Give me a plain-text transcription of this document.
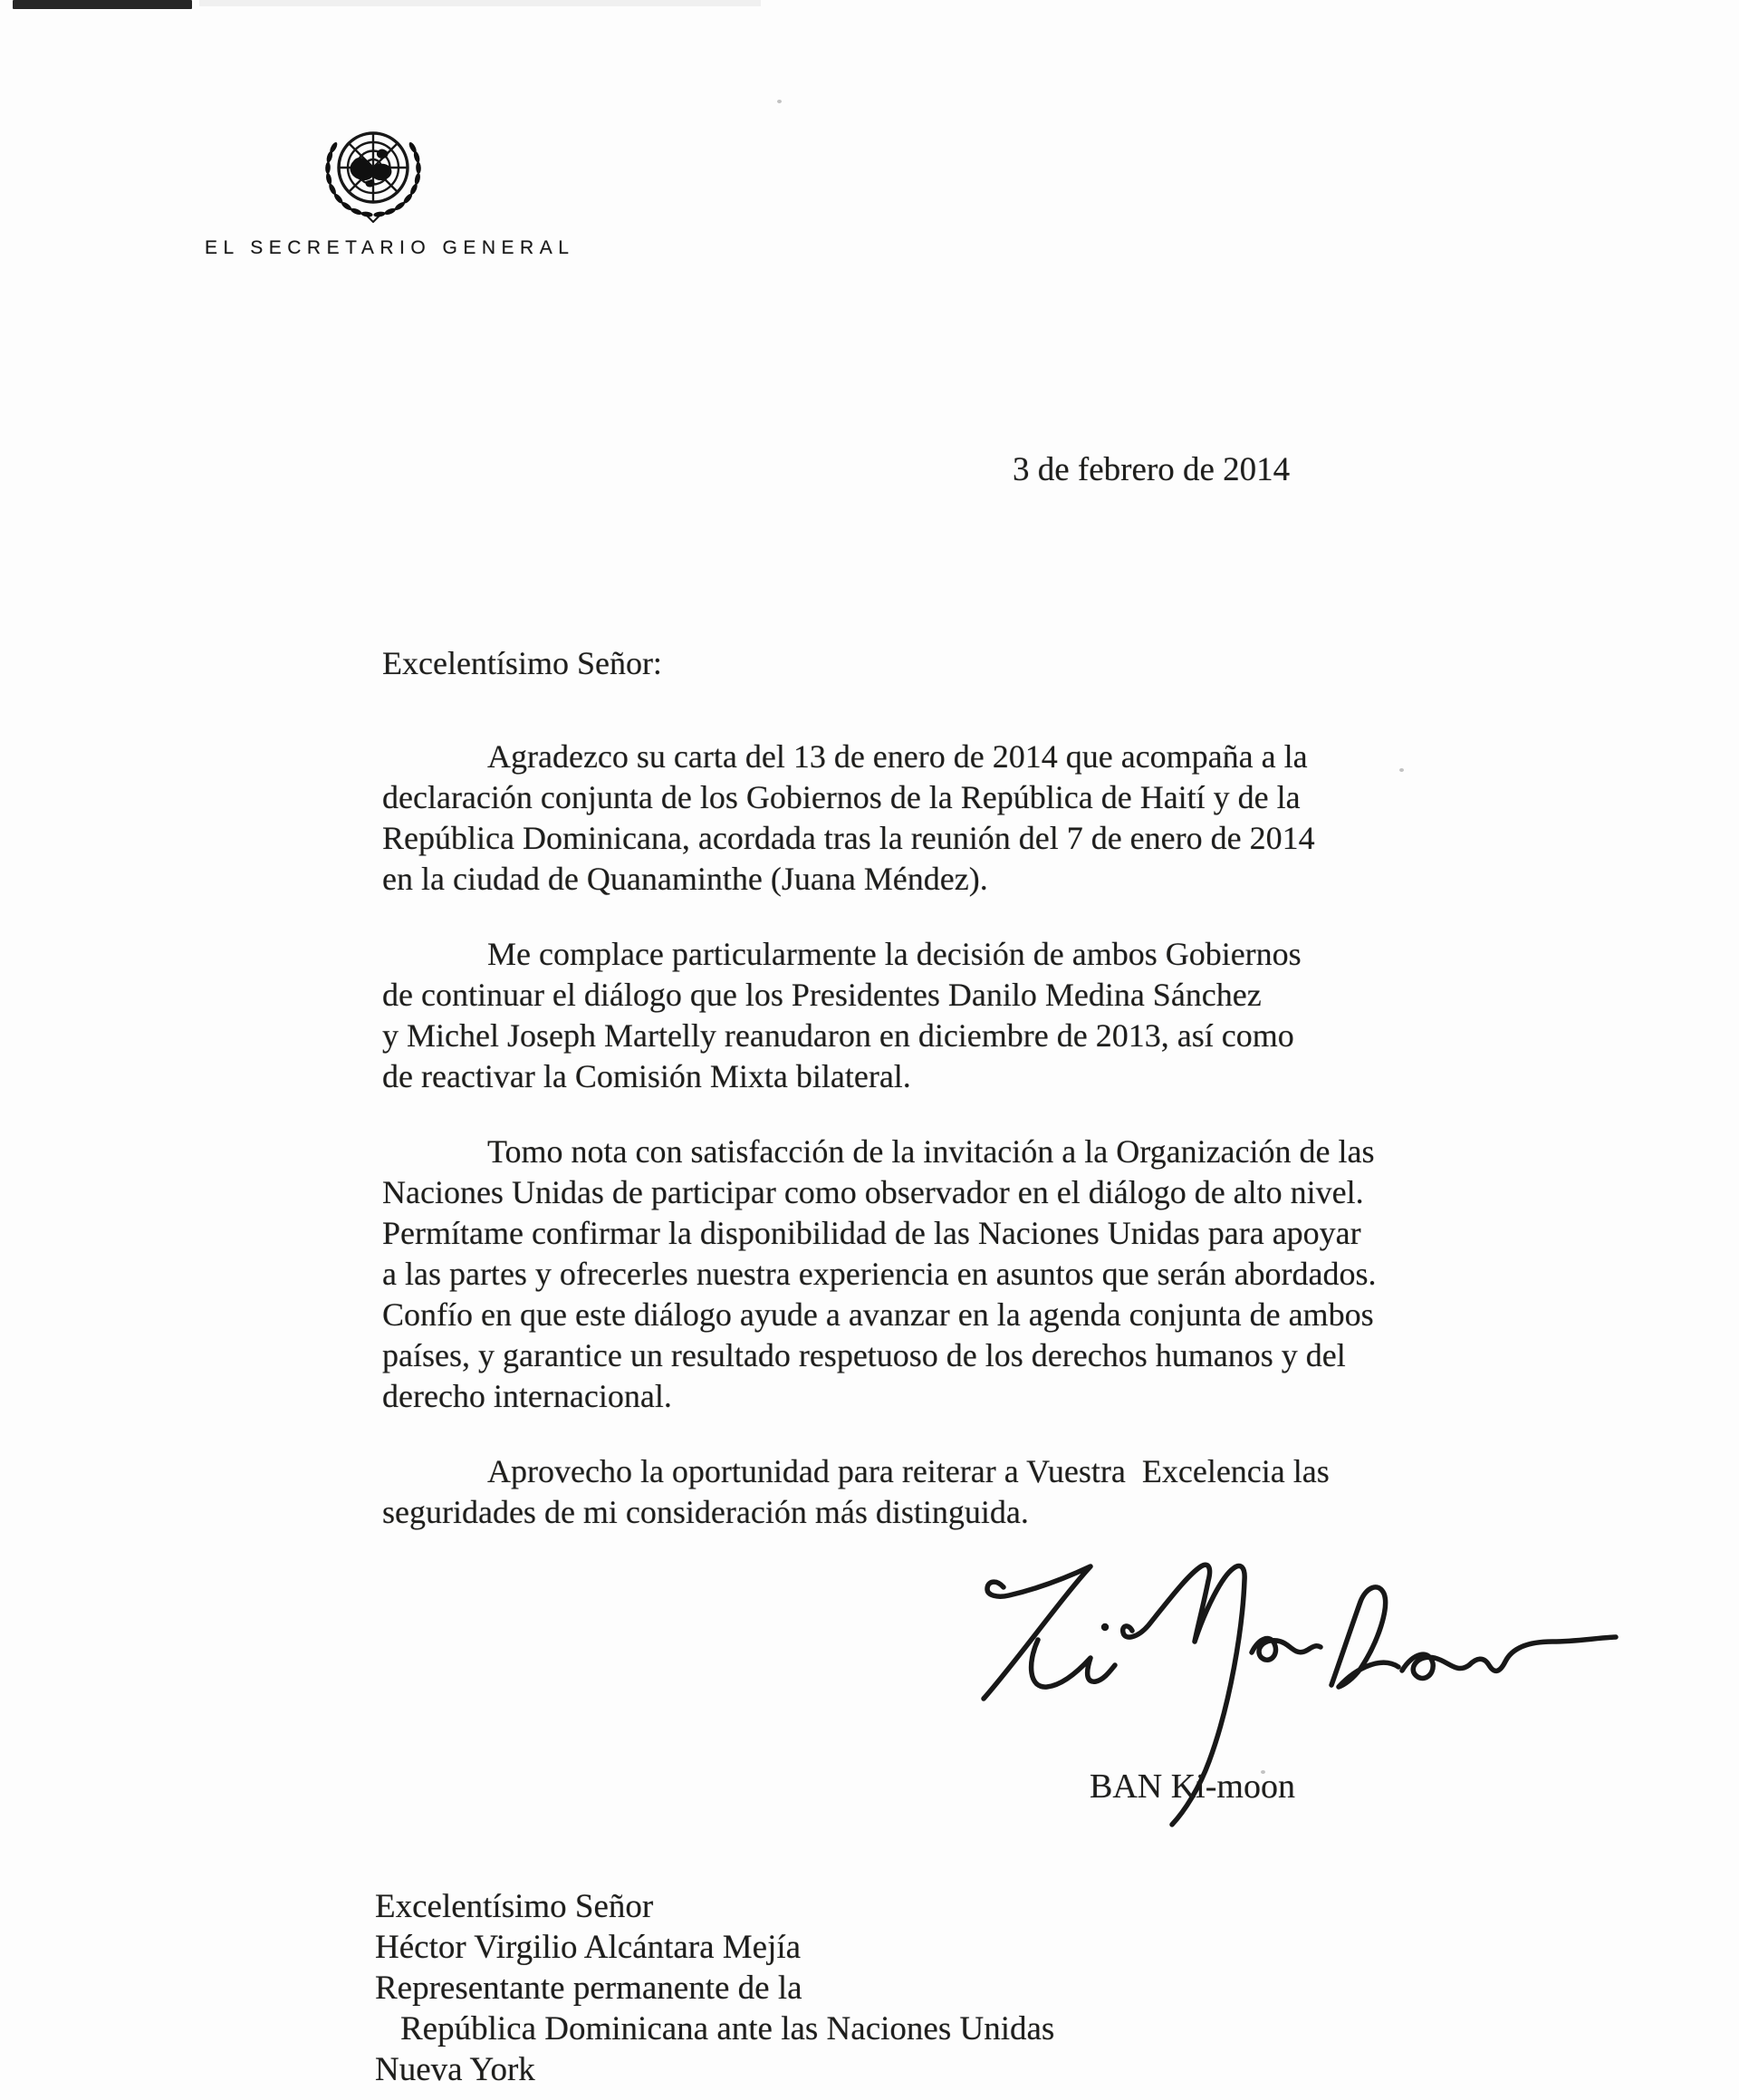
EL SECRETARIO GENERAL
3 de febrero de 2014
Excelentísimo Señor:
Agradezco su carta del 13 de enero de 2014 que acompaña a la
declaración conjunta de los Gobiernos de la República de Haití y de la
República Dominicana, acordada tras la reunión del 7 de enero de 2014
en la ciudad de Quanaminthe (Juana Méndez).
Me complace particularmente la decisión de ambos Gobiernos
de continuar el diálogo que los Presidentes Danilo Medina Sánchez
y Michel Joseph Martelly reanudaron en diciembre de 2013, así como
de reactivar la Comisión Mixta bilateral.
Tomo nota con satisfacción de la invitación a la Organización de las
Naciones Unidas de participar como observador en el diálogo de alto nivel.
Permítame confirmar la disponibilidad de las Naciones Unidas para apoyar
a las partes y ofrecerles nuestra experiencia en asuntos que serán abordados.
Confío en que este diálogo ayude a avanzar en la agenda conjunta de ambos
países, y garantice un resultado respetuoso de los derechos humanos y del
derecho internacional.
Aprovecho la oportunidad para reiterar a Vuestra  Excelencia las
seguridades de mi consideración más distinguida.
BAN Ki-moon
Excelentísimo Señor
Héctor Virgilio Alcántara Mejía
Representante permanente de la
República Dominicana ante las Naciones Unidas
Nueva York
